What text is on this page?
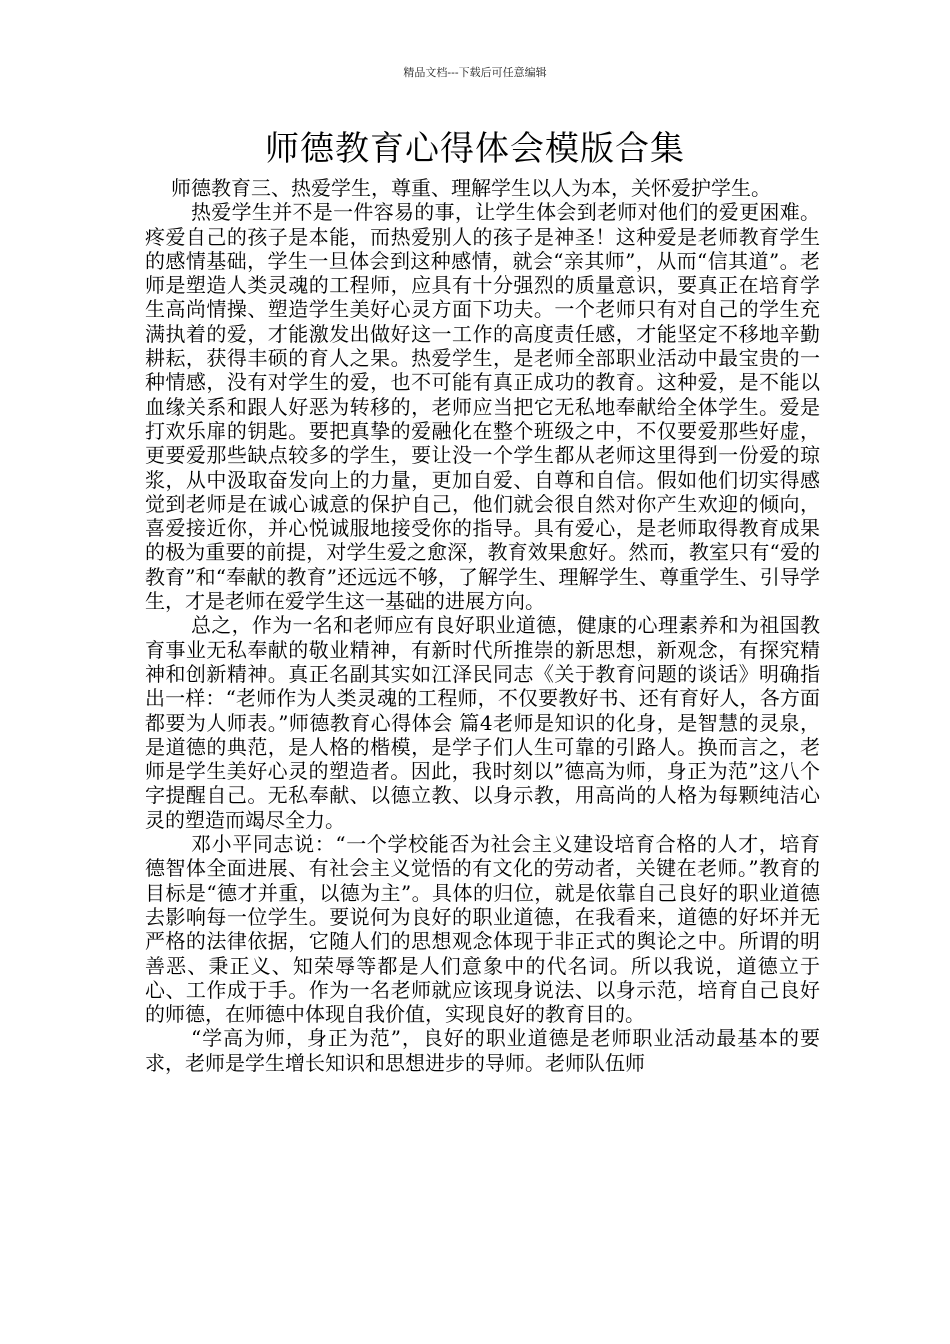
精品文档---下载后可任意编辑
师德教育心得体会模版合集

师德教育三、热爱学生，尊重、理解学生以人为本，关怀爱护学生。

热爱学生并不是一件容易的事，让学生体会到老师对他们的爱更困难。疼爱自己的孩子是本能，而热爱别人的孩子是神圣！这种爱是老师教育学生的感情基础，学生一旦体会到这种感情，就会“亲其师”，从而“信其道”。老师是塑造人类灵魂的工程师，应具有十分强烈的质量意识，要真正在培育学生高尚情操、塑造学生美好心灵方面下功夫。一个老师只有对自己的学生充满执着的爱，才能激发出做好这一工作的高度责任感，才能坚定不移地辛勤耕耘，获得丰硕的育人之果。热爱学生，是老师全部职业活动中最宝贵的一种情感，没有对学生的爱，也不可能有真正成功的教育。这种爱，是不能以血缘关系和跟人好恶为转移的，老师应当把它无私地奉献给全体学生。爱是打欢乐扉的钥匙。要把真挚的爱融化在整个班级之中，不仅要爱那些好虚，更要爱那些缺点较多的学生，要让没一个学生都从老师这里得到一份爱的琼浆，从中汲取奋发向上的力量，更加自爱、自尊和自信。假如他们切实得感觉到老师是在诚心诚意的保护自己，他们就会很自然对你产生欢迎的倾向，喜爱接近你，并心悦诚服地接受你的指导。具有爱心，是老师取得教育成果的极为重要的前提，对学生爱之愈深，教育效果愈好。然而，教室只有“爱的教育”和“奉献的教育”还远远不够，了解学生、理解学生、尊重学生、引导学生，才是老师在爱学生这一基础的进展方向。

总之，作为一名和老师应有良好职业道德，健康的心理素养和为祖国教育事业无私奉献的敬业精神，有新时代所推崇的新思想，新观念，有探究精神和创新精神。真正名副其实如江泽民同志《关于教育问题的谈话》明确指出一样：“老师作为人类灵魂的工程师，不仅要教好书、还有育好人，各方面都要为人师表。”师德教育心得体会 篇4老师是知识的化身，是智慧的灵泉，是道德的典范，是人格的楷模，是学子们人生可靠的引路人。换而言之，老师是学生美好心灵的塑造者。因此，我时刻以”德高为师，身正为范”这八个字提醒自己。无私奉献、以德立教、以身示教，用高尚的人格为每颗纯洁心灵的塑造而竭尽全力。

邓小平同志说：“一个学校能否为社会主义建设培育合格的人才，培育德智体全面进展、有社会主义觉悟的有文化的劳动者，关键在老师。”教育的目标是“德才并重，以德为主”。具体的归位，就是依靠自己良好的职业道德去影响每一位学生。要说何为良好的职业道德，在我看来，道德的好坏并无严格的法律依据，它随人们的思想观念体现于非正式的舆论之中。所谓的明善恶、秉正义、知荣辱等都是人们意象中的代名词。所以我说，道德立于心、工作成于手。作为一名老师就应该现身说法、以身示范，培育自己良好的师德，在师德中体现自我价值，实现良好的教育目的。

“学高为师，身正为范”，良好的职业道德是老师职业活动最基本的要求，老师是学生增长知识和思想进步的导师。老师队伍师
